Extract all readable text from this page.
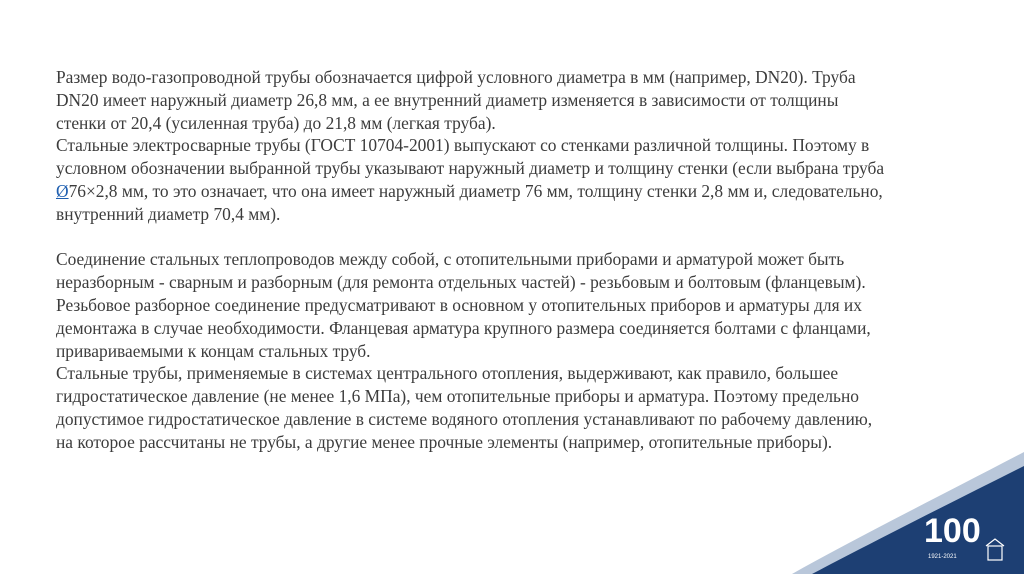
Размер водо-газопроводной трубы обозначается цифрой условного диаметра в мм (например, DN20). Труба
DN20 имеет наружный диаметр 26,8 мм, а ее внутренний диаметр изменяется в зависимости от толщины
стенки от 20,4 (усиленная труба) до 21,8 мм (легкая труба).
Стальные электросварные трубы (ГОСТ 10704-2001) выпускают со стенками различной толщины. Поэтому в
условном обозначении выбранной трубы указывают наружный диаметр и толщину стенки (если выбрана труба
Ø76×2,8 мм, то это означает, что она имеет наружный диаметр 76 мм, толщину стенки 2,8 мм и, следовательно,
внутренний диаметр 70,4 мм).
Соединение стальных теплопроводов между собой, с отопительными приборами и арматурой может быть
неразборным - сварным и разборным (для ремонта отдельных частей) - резьбовым и болтовым (фланцевым).
Резьбовое разборное соединение предусматривают в основном у отопительных приборов и арматуры для их
демонтажа в случае необходимости. Фланцевая арматура крупного размера соединяется болтами с фланцами,
привариваемыми к концам стальных труб.
Стальные трубы, применяемые в системах центрального отопления, выдерживают, как правило, большее
гидростатическое давление (не менее 1,6 МПа), чем отопительные приборы и арматура. Поэтому предельно
допустимое гидростатическое давление в системе водяного отопления устанавливают по рабочему давлению,
на которое рассчитаны не трубы, а другие менее прочные элементы (например, отопительные приборы).
100
1921-2021
